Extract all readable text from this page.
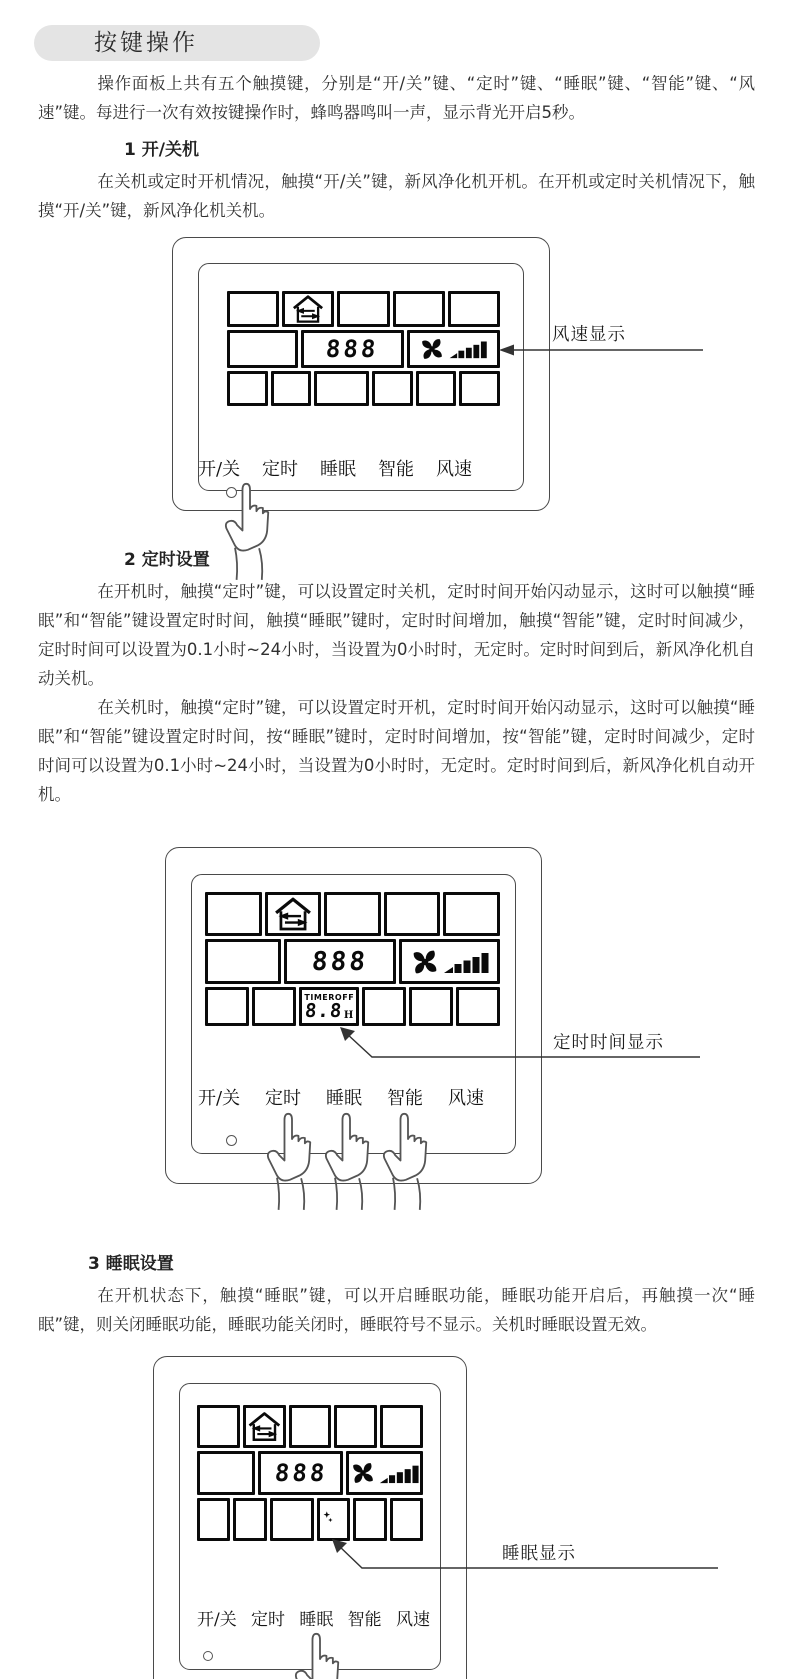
按键操作

操作面板上共有五个触摸键，分别是“开/关”键、“定时”键、“睡眠”键、“智能”键、“风速”键。每进行一次有效按键操作时，蜂鸣器鸣叫一声，显示背光开启5秒。

1 开/关机

在关机或定时开机情况，触摸“开/关”键，新风净化机开机。在开机或定时关机情况下，触摸“开/关”键，新风净化机关机。

888
开/关 定时 睡眠 智能 风速
风速显示
2 定时设置

在开机时，触摸“定时”键，可以设置定时关机，定时时间开始闪动显示，这时可以触摸“睡眠”和“智能”键设置定时时间，触摸“睡眠”键时，定时时间增加，触摸“智能”键，定时时间减少，定时时间可以设置为0.1小时~24小时，当设置为0小时时，无定时。定时时间到后，新风净化机自动关机。

在关机时，触摸“定时”键，可以设置定时开机，定时时间开始闪动显示，这时可以触摸“睡眠”和“智能”键设置定时时间，按“睡眠”键时，定时时间增加，按“智能”键，定时时间减少，定时时间可以设置为0.1小时~24小时，当设置为0小时时，无定时。定时时间到后，新风净化机自动开机。

888
TIMER OFF
8.8 H
开/关 定时 睡眠 智能 风速
定时时间显示
3 睡眠设置

在开机状态下，触摸“睡眠”键，可以开启睡眠功能，睡眠功能开启后，再触摸一次“睡眠”键，则关闭睡眠功能，睡眠功能关闭时，睡眠符号不显示。关机时睡眠设置无效。

888
开/关 定时 睡眠 智能 风速
睡眠显示
